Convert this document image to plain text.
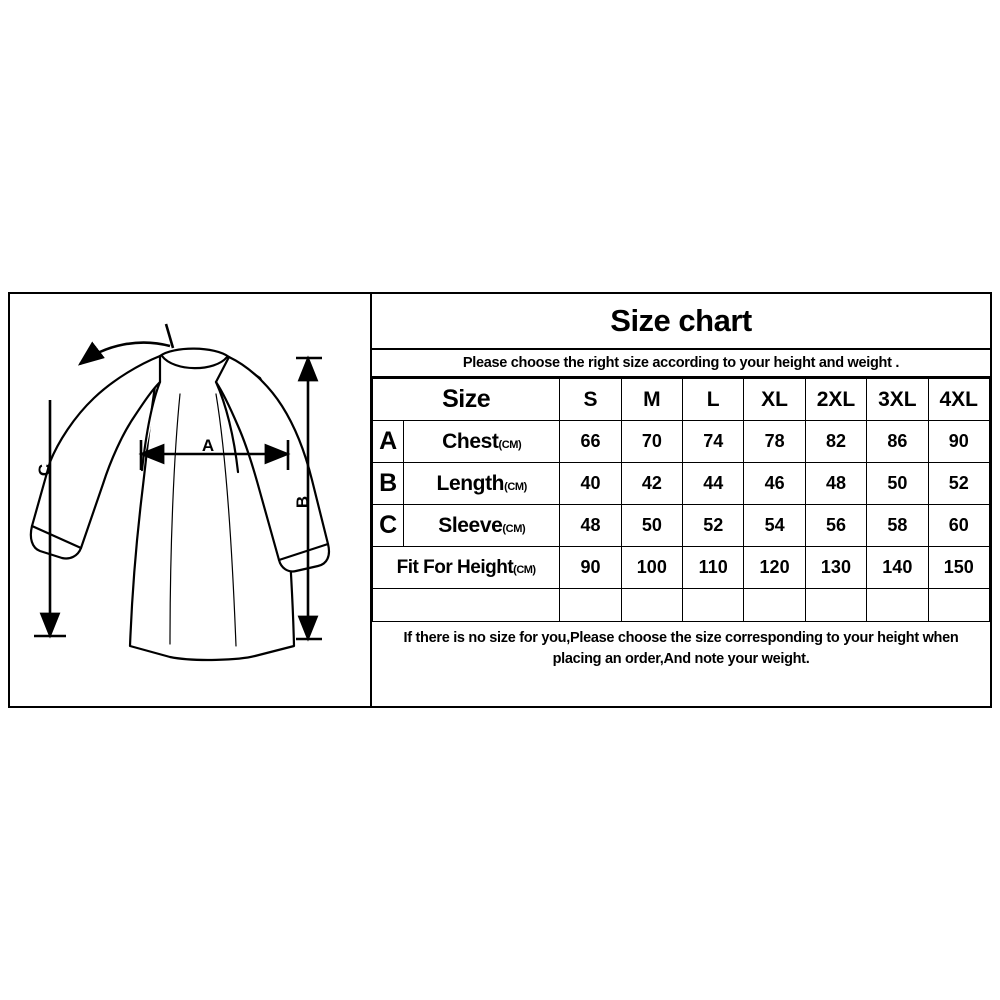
A
B
C
Size chart
Please choose the right size according to your height and weight .
Size		S	M	L	XL	2XL	3XL	4XL
A	Chest(CM)	66	70	74	78	82	86	90
B	Length(CM)	40	42	44	46	48	50	52
C	Sleeve(CM)	48	50	52	54	56	58	60
Fit For Height(CM)		90	100	110	120	130	140	150

If there is no size for you,Please choose the size corresponding to your height when placing an order,And note your weight.
